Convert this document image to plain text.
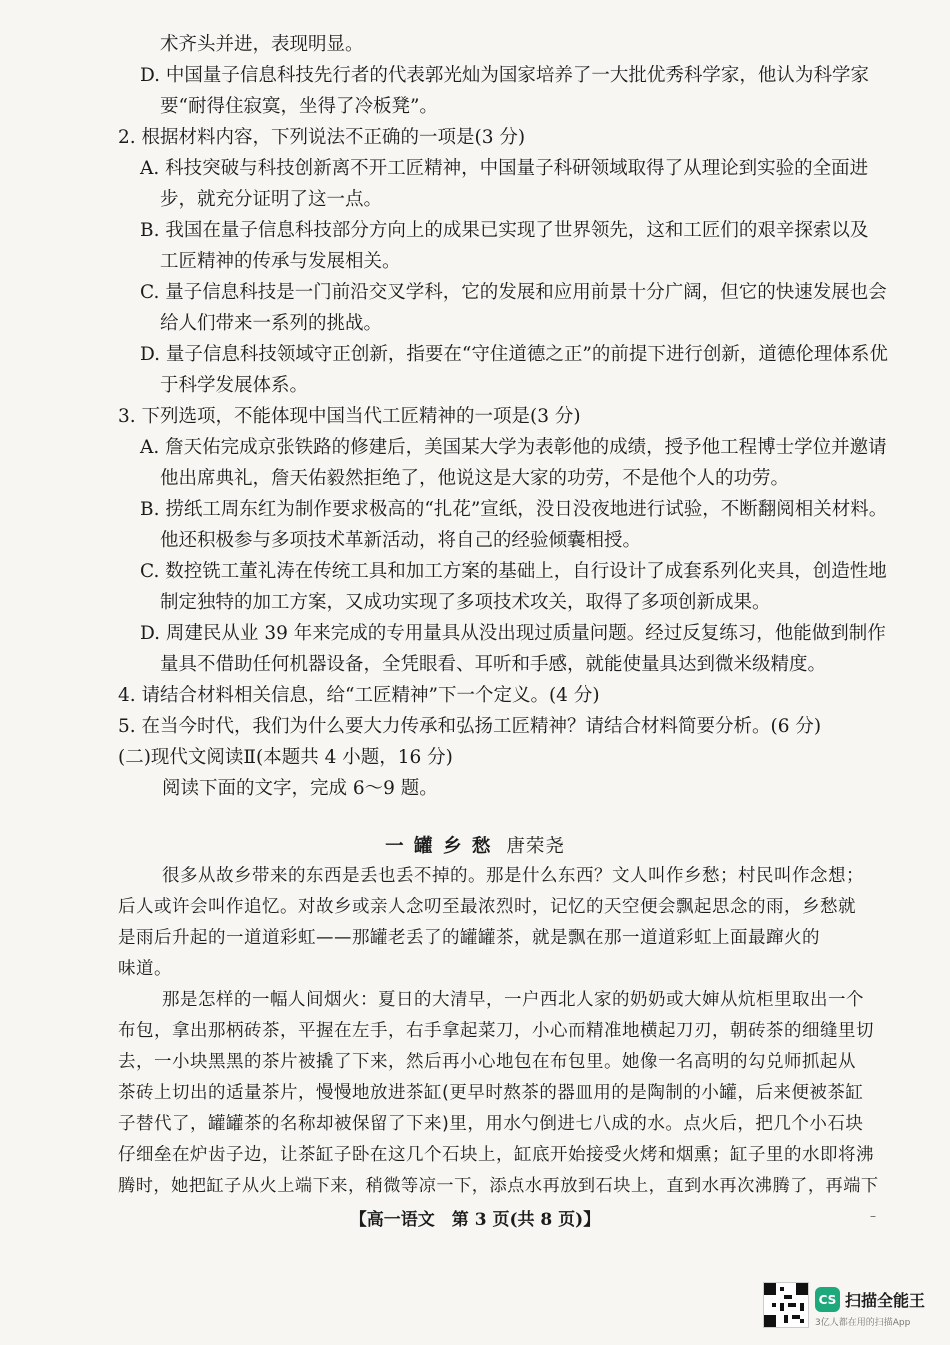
术齐头并进，表现明显。
D. 中国量子信息科技先行者的代表郭光灿为国家培养了一大批优秀科学家，他认为科学家
要“耐得住寂寞，坐得了冷板凳”。
2. 根据材料内容，下列说法不正确的一项是(3 分)
A. 科技突破与科技创新离不开工匠精神，中国量子科研领域取得了从理论到实验的全面进
步，就充分证明了这一点。
B. 我国在量子信息科技部分方向上的成果已实现了世界领先，这和工匠们的艰辛探索以及
工匠精神的传承与发展相关。
C. 量子信息科技是一门前沿交叉学科，它的发展和应用前景十分广阔，但它的快速发展也会
给人们带来一系列的挑战。
D. 量子信息科技领域守正创新，指要在“守住道德之正”的前提下进行创新，道德伦理体系优
于科学发展体系。
3. 下列选项，不能体现中国当代工匠精神的一项是(3 分)
A. 詹天佑完成京张铁路的修建后，美国某大学为表彰他的成绩，授予他工程博士学位并邀请
他出席典礼，詹天佑毅然拒绝了，他说这是大家的功劳，不是他个人的功劳。
B. 捞纸工周东红为制作要求极高的“扎花”宣纸，没日没夜地进行试验，不断翻阅相关材料。
他还积极参与多项技术革新活动，将自己的经验倾囊相授。
C. 数控铣工董礼涛在传统工具和加工方案的基础上，自行设计了成套系列化夹具，创造性地
制定独特的加工方案，又成功实现了多项技术攻关，取得了多项创新成果。
D. 周建民从业 39 年来完成的专用量具从没出现过质量问题。经过反复练习，他能做到制作
量具不借助任何机器设备，全凭眼看、耳听和手感，就能使量具达到微米级精度。
4. 请结合材料相关信息，给“工匠精神”下一个定义。(4 分)
5. 在当今时代，我们为什么要大力传承和弘扬工匠精神？请结合材料简要分析。(6 分)
(二)现代文阅读Ⅱ(本题共 4 小题，16 分)
阅读下面的文字，完成 6～9 题。
一 罐 乡 愁 唐荣尧
很多从故乡带来的东西是丢也丢不掉的。那是什么东西？文人叫作乡愁；村民叫作念想；
后人或许会叫作追忆。对故乡或亲人念叨至最浓烈时，记忆的天空便会飘起思念的雨，乡愁就
是雨后升起的一道道彩虹——那罐老丢了的罐罐茶，就是飘在那一道道彩虹上面最蹿火的
味道。
那是怎样的一幅人间烟火：夏日的大清早，一户西北人家的奶奶或大婶从炕柜里取出一个
布包，拿出那柄砖茶，平握在左手，右手拿起菜刀，小心而精准地横起刀刃，朝砖茶的细缝里切
去，一小块黑黑的茶片被撬了下来，然后再小心地包在布包里。她像一名高明的勾兑师抓起从
茶砖上切出的适量茶片，慢慢地放进茶缸(更早时熬茶的器皿用的是陶制的小罐，后来便被茶缸
子替代了，罐罐茶的名称却被保留了下来)里，用水勺倒进七八成的水。点火后，把几个小石块
仔细垒在炉齿子边，让茶缸子卧在这几个石块上，缸底开始接受火烤和烟熏；缸子里的水即将沸
腾时，她把缸子从火上端下来，稍微等凉一下，添点水再放到石块上，直到水再次沸腾了，再端下
【高一语文　第 3 页(共 8 页)】	–
CS 扫描全能王
3亿人都在用的扫描App
